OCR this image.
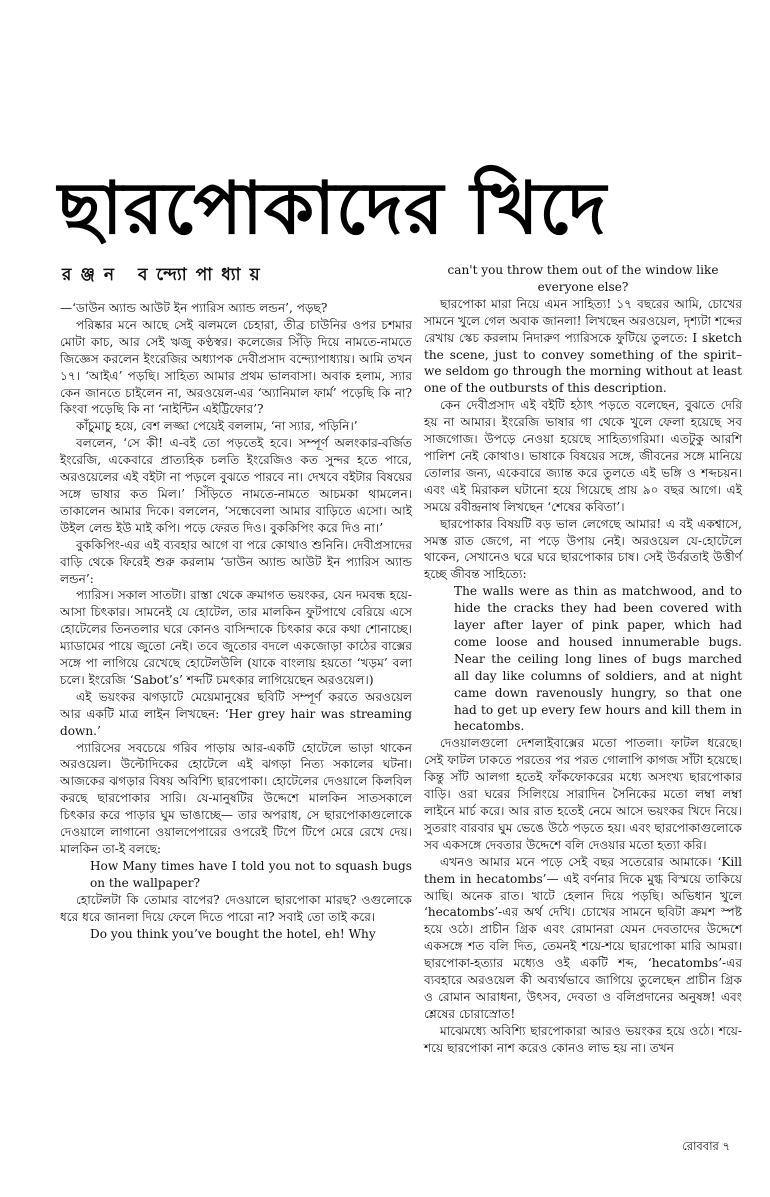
ছারপোকাদের খিদে
রঞ্জন বন্দ্যোপাধ্যায়

—‘ডাউন অ্যান্ড আউট ইন প্যারিস অ্যান্ড লন্ডন’, পড়ছ?

পরিষ্কার মনে আছে সেই ঝলমলে চেহারা, তীব্র চাউনির ওপর চশমার মোটা কাচ, আর সেই ঋজু কণ্ঠস্বর। কলেজের সিঁড়ি দিয়ে নামতে-নামতে জিজ্ঞেস করলেন ইংরেজির অধ্যাপক দেবীপ্রসাদ বন্দ্যোপাধ্যায়। আমি তখন ১৭। ‘আইএ’ পড়ছি। সাহিত্য আমার প্রথম ভালবাসা। অবাক হলাম, স্যার কেন জানতে চাইলেন না, অরওয়েল-এর ‘অ্যানিমাল ফার্ম’ পড়েছি কি না? কিংবা পড়েছি কি না ‘নাইন্টিন এইট্টিফোর’?

কাঁচুমাচু হয়ে, বেশ লজ্জা পেয়েই বললাম, ‘না স্যার, পড়িনি।’

বললেন, ‘সে কী! এ-বই তো পড়তেই হবে। সম্পূর্ণ অলংকার-বর্জিত ইংরেজি, একেবারে প্রাত্যহিক চলতি ইংরেজিও কত সুন্দর হতে পারে, অরওয়েলের এই বইটা না পড়লে বুঝতে পারবে না। দেখবে বইটার বিষয়ের সঙ্গে ভাষার কত মিল।’ সিঁড়িতে নামতে-নামতে আচমকা থামলেন। তাকালেন আমার দিকে। বললেন, ‘সন্ধেবেলা আমার বাড়িতে এসো। আই উইল লেন্ড ইউ মাই কপি। পড়ে ফেরত দিও। বুককিপিং করে দিও না।’

বুককিপিং-এর এই ব্যবহার আগে বা পরে কোথাও শুনিনি। দেবীপ্রসাদের বাড়ি থেকে ফিরেই শুরু করলাম ‘ডাউন অ্যান্ড আউট ইন প্যারিস অ্যান্ড লন্ডন’:

প্যারিস। সকাল সাতটা। রাস্তা থেকে ক্রমাগত ভয়ংকর, যেন দমবন্ধ হয়ে-আসা চিৎকার। সামনেই যে হোটেল, তার মালকিন ফুটপাথে বেরিয়ে এসে হোটেলের তিনতলার ঘরে কোনও বাসিন্দাকে চিৎকার করে কথা শোনাচ্ছে। ম্যাডামের পায়ে জুতো নেই। তবে জুতোর বদলে একজোড়া কাঠের বাক্সের সঙ্গে পা লাগিয়ে রেখেছে হোটেলউলি (যাকে বাংলায় হয়তো ‘খড়ম’ বলা চলে। ইংরেজি ‘Sabot’s’ শব্দটি চমৎকার লাগিয়েছেন অরওয়েল।)

এই ভয়ংকর ঝগড়াটে মেয়েমানুষের ছবিটি সম্পূর্ণ করতে অরওয়েল আর একটি মাত্র লাইন লিখছেন: ‘Her grey hair was streaming down.’

প্যারিসের সবচেয়ে গরিব পাড়ায় আর-একটি হোটেলে ভাড়া থাকেন অরওয়েল। উল্টোদিকের হোটেলে এই ঝগড়া নিত্য সকালের ঘটনা। আজকের ঝগড়ার বিষয় অবিশ্যি ছারপোকা। হোটেলের দেওয়ালে কিলবিল করছে ছারপোকার সারি। যে-মানুষটির উদ্দেশে মালকিন সাতসকালে চিৎকার করে পাড়ার ঘুম ভাঙাচ্ছে— তার অপরাধ, সে ছারপোকাগুলোকে দেওয়ালে লাগানো ওয়ালপেপারের ওপরেই টিপে টিপে মেরে রেখে দেয়। মালকিন তা-ই বলছে:

How Many times have I told you not to squash bugs on the wallpaper?

হোটেলটা কি তোমার বাপের? দেওয়ালে ছারপোকা মারছ? ওগুলোকে ধরে ধরে জানলা দিয়ে ফেলে দিতে পারো না? সবাই তো তাই করে।

Do you think you’ve bought the hotel, eh! Why

can't you throw them out of the window like everyone else?

ছারপোকা মারা নিয়ে এমন সাহিত্য! ১৭ বছরের আমি, চোখের সামনে খুলে গেল অবাক জানলা! লিখছেন অরওয়েল, দৃশ্যটা শব্দের রেখায় স্কেচ করলাম নিদারুণ প্যারিসকে ফুটিয়ে তুলতে: I sketch the scene, just to convey something of the spirit– we seldom go through the morning without at least one of the outbursts of this description.

কেন দেবীপ্রসাদ এই বইটি হঠাৎ পড়তে বলেছেন, বুঝতে দেরি হয় না আমার। ইংরেজি ভাষার গা থেকে খুলে ফেলা হয়েছে সব সাজগোজ। উপড়ে নেওয়া হয়েছে সাহিত্যগরিমা। এতটুকু আরশি পালিশ নেই কোথাও। ভাষাকে বিষয়ের সঙ্গে, জীবনের সঙ্গে মানিয়ে তোলার জন্য, একেবারে জ্যান্ত করে তুলতে এই ভঙ্গি ও শব্দচয়ন। এবং এই মিরাকল ঘটানো হয়ে গিয়েছে প্রায় ৯০ বছর আগে। এই সময়ে রবীন্দ্রনাথ লিখছেন ‘শেষের কবিতা’।

ছারপোকার বিষয়টি বড় ভাল লেগেছে আমার! এ বই একশ্বাসে, সমস্ত রাত জেগে, না পড়ে উপায় নেই। অরওয়েল যে-হোটেলে থাকেন, সেখানেও ঘরে ঘরে ছারপোকার চাষ। সেই উর্বরতাই উত্তীর্ণ হচ্ছে জীবন্ত সাহিত্যে:

The walls were as thin as matchwood, and to hide the cracks they had been covered with layer after layer of pink paper, which had come loose and housed innumerable bugs. Near the ceiling long lines of bugs marched all day like columns of soldiers, and at night came down ravenously hungry, so that one had to get up every few hours and kill them in hecatombs.

দেওয়ালগুলো দেশলাইবাক্সের মতো পাতলা। ফাটল ধরেছে। সেই ফাটল ঢাকতে পরতের পর পরত গোলাপি কাগজ সাঁটা হয়েছে। কিন্তু সাঁট আলগা হতেই ফাঁকফোকরের মধ্যে অসংখ্য ছারপোকার বাড়ি। ওরা ঘরের সিলিংয়ে সারাদিন সৈনিকের মতো লম্বা লম্বা লাইনে মার্চ করে। আর রাত হতেই নেমে আসে ভয়ংকর খিদে নিয়ে। সুতরাং বারবার ঘুম ভেঙে উঠে পড়তে হয়। এবং ছারপোকাগুলোকে সব একসঙ্গে দেবতার উদ্দেশে বলি দেওয়ার মতো হত্যা করি।

এখনও আমার মনে পড়ে সেই বছর সতেরোর আমাকে। ‘Kill them in hecatombs’— এই বর্ণনার দিকে মুগ্ধ বিস্ময়ে তাকিয়ে আছি। অনেক রাত। খাটে হেলান দিয়ে পড়ছি। অভিধান খুলে ‘hecatombs’-এর অর্থ দেখি। চোখের সামনে ছবিটা ক্রমশ স্পষ্ট হয়ে ওঠে। প্রাচীন গ্রিক এবং রোমানরা যেমন দেবতাদের উদ্দেশে একসঙ্গে শত বলি দিত, তেমনই শয়ে-শয়ে ছারপোকা মারি আমরা। ছারপোকা-হত্যার মধ্যেও ওই একটি শব্দ, ‘hecatombs’-এর ব্যবহারে অরওয়েল কী অব্যর্থভাবে জাগিয়ে তুলেছেন প্রাচীন গ্রিক ও রোমান আরাধনা, উৎসব, দেবতা ও বলিপ্রদানের অনুষঙ্গ! এবং শ্লেষের চোরাস্রোত!

মাঝেমধ্যে অবিশ্যি ছারপোকারা আরও ভয়ংকর হয়ে ওঠে। শয়ে-শয়ে ছারপোকা নাশ করেও কোনও লাভ হয় না। তখন

রোববার ৭
